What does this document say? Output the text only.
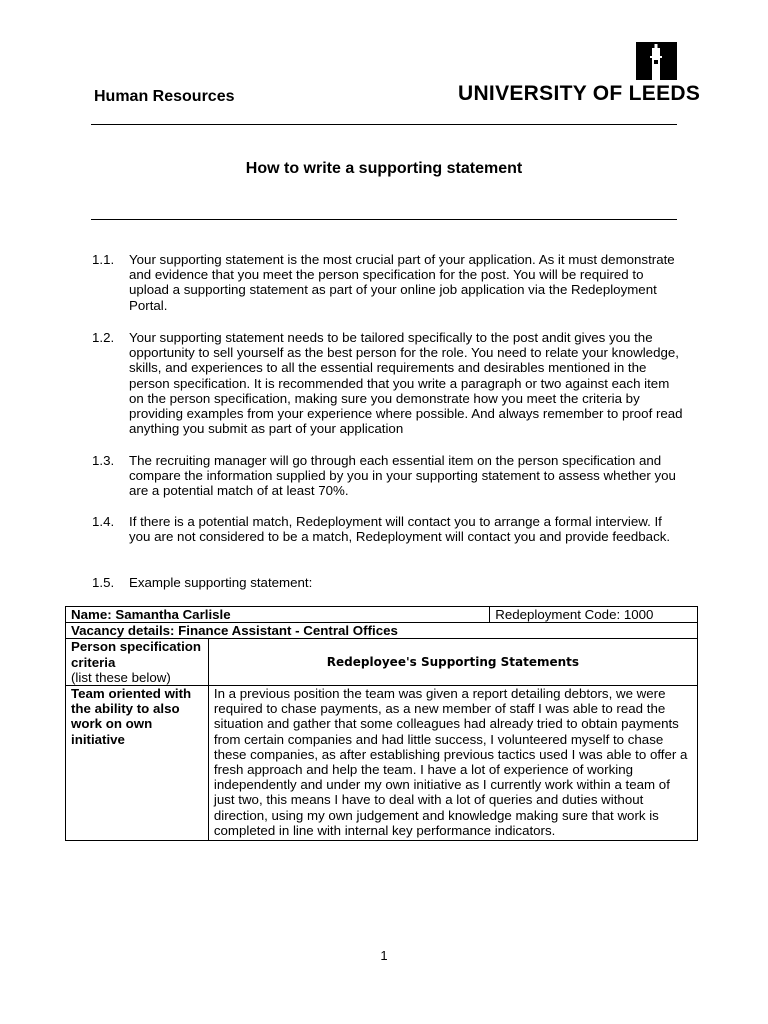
Human Resources	UNIVERSITY OF LEEDS
How to write a supporting statement
1.1. Your supporting statement is the most crucial part of your application. As it must demonstrate and evidence that you meet the person specification for the post. You will be required to upload a supporting statement as part of your online job application via the Redeployment Portal.
1.2. Your supporting statement needs to be tailored specifically to the post andit gives you the opportunity to sell yourself as the best person for the role. You need to relate your knowledge, skills, and experiences to all the essential requirements and desirables mentioned in the person specification. It is recommended that you write a paragraph or two against each item on the person specification, making sure you demonstrate how you meet the criteria by providing examples from your experience where possible. And always remember to proof read anything you submit as part of your application
1.3. The recruiting manager will go through each essential item on the person specification and compare the information supplied by you in your supporting statement to assess whether you are a potential match of at least 70%.
1.4. If there is a potential match, Redeployment will contact you to arrange a formal interview. If you are not considered to be a match, Redeployment will contact you and provide feedback.
1.5. Example supporting statement:
Name: Samantha Carlisle		Redeployment Code: 1000
Vacancy details: Finance Assistant - Central Offices		

Person specification criteria
(list these below)	Redeployee's Supporting Statements	
Team oriented with the ability to also work on own initiative	In a previous position the team was given a report detailing debtors, we were required to chase payments, as a new member of staff I was able to read the situation and gather that some colleagues had already tried to obtain payments from certain companies and had little success, I volunteered myself to chase these companies, as after establishing previous tactics used I was able to offer a fresh approach and help the team. I have a lot of experience of working independently and under my own initiative as I currently work within a team of just two, this means I have to deal with a lot of queries and duties without direction, using my own judgement and knowledge making sure that work is completed in line with internal key performance indicators.	
1
